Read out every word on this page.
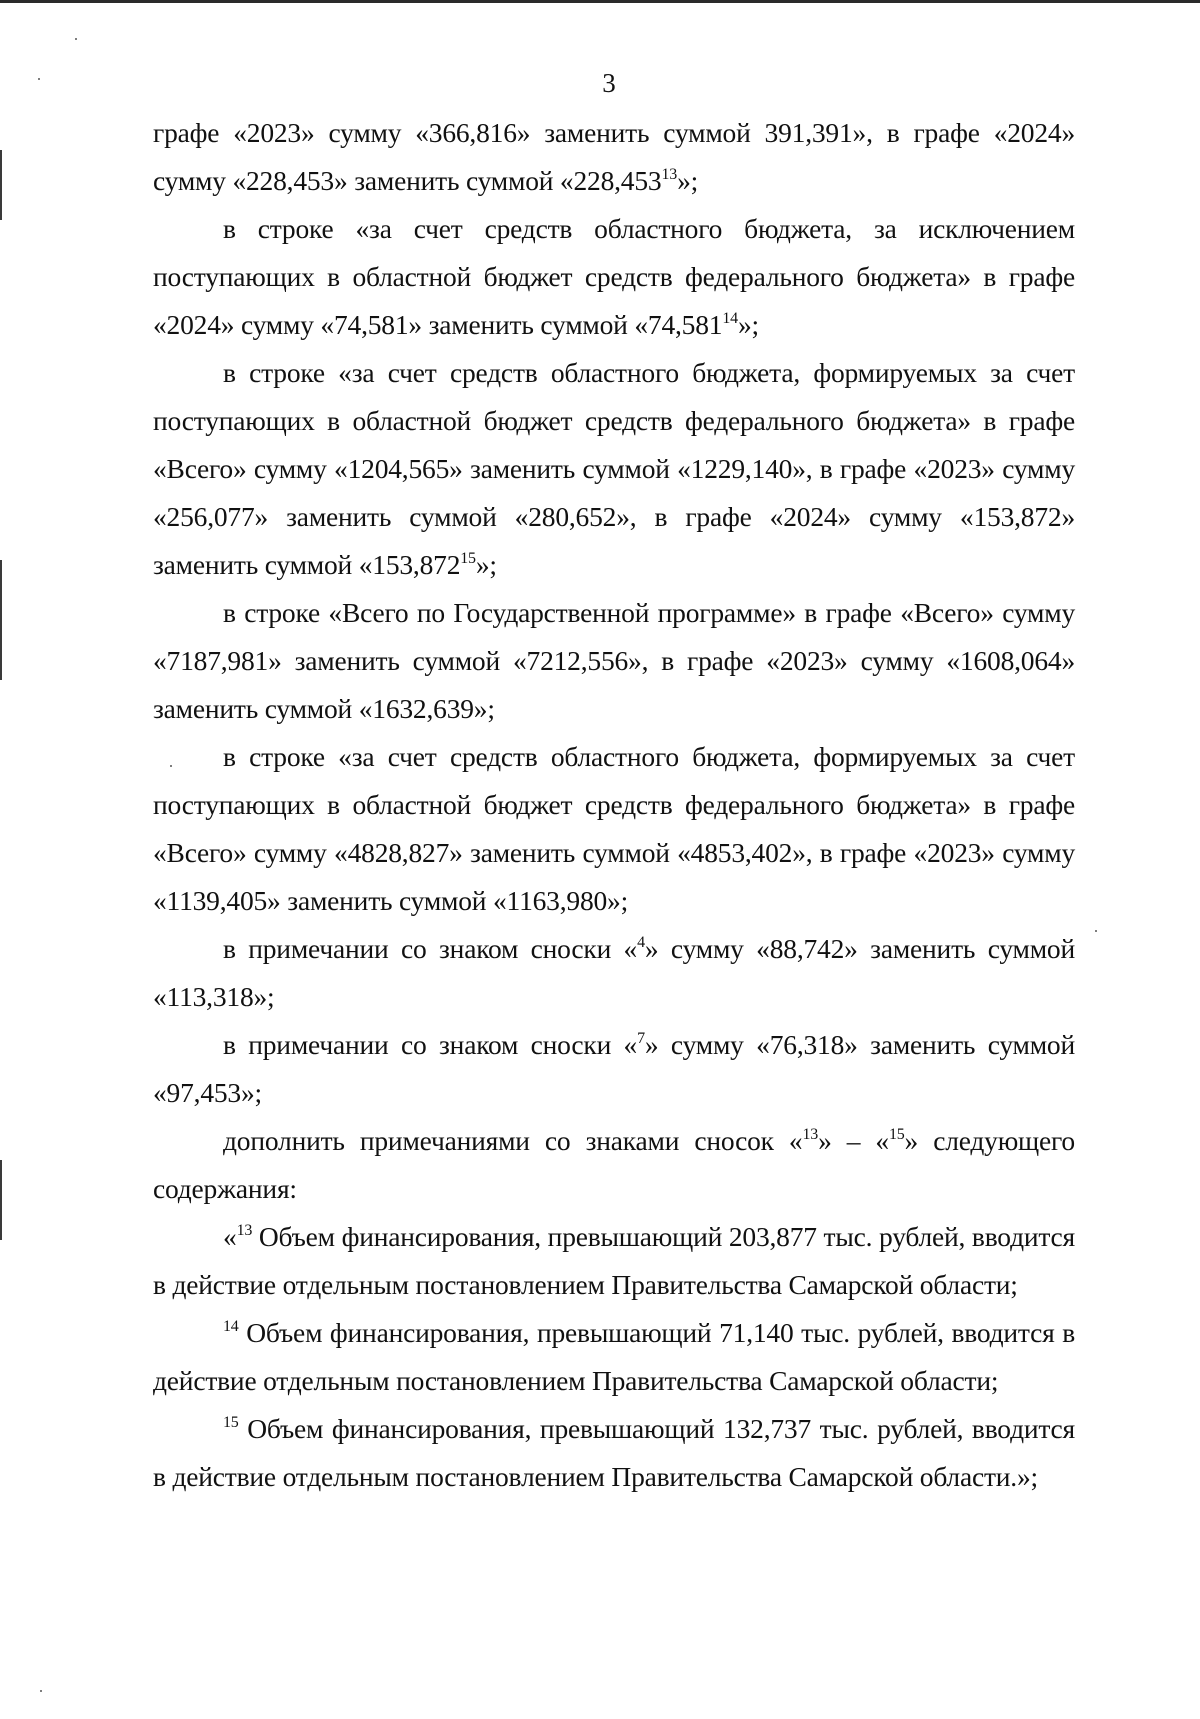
3

графе «2023» сумму «366,816» заменить суммой 391,391», в графе «2024» сумму «228,453» заменить суммой «228,453$^{13}$»;

в строке «за счет средств областного бюджета, за исключением поступающих в областной бюджет средств федерального бюджета» в графе «2024» сумму «74,581» заменить суммой «74,581$^{14}$»;

в строке «за счет средств областного бюджета, формируемых за счет поступающих в областной бюджет средств федерального бюджета» в графе «Всего» сумму «1204,565» заменить суммой «1229,140», в графе «2023» сумму «256,077» заменить суммой «280,652», в графе «2024» сумму «153,872» заменить суммой «153,872$^{15}$»;

в строке «Всего по Государственной программе» в графе «Всего» сумму «7187,981» заменить суммой «7212,556», в графе «2023» сумму «1608,064» заменить суммой «1632,639»;

в строке «за счет средств областного бюджета, формируемых за счет поступающих в областной бюджет средств федерального бюджета» в графе «Всего» сумму «4828,827» заменить суммой «4853,402», в графе «2023» сумму «1139,405» заменить суммой «1163,980»;

в примечании со знаком сноски «$^4$» сумму «88,742» заменить суммой «113,318»;

в примечании со знаком сноски «$^7$» сумму «76,318» заменить суммой «97,453»;

дополнить примечаниями со знаками сносок «$^{13}$» – «$^{15}$» следующего содержания:

«$^{13}$ Объем финансирования, превышающий 203,877 тыс. рублей, вводится в действие отдельным постановлением Правительства Самарской области;

$^{14}$ Объем финансирования, превышающий 71,140 тыс. рублей, вводится в действие отдельным постановлением Правительства Самарской области;

$^{15}$ Объем финансирования, превышающий 132,737 тыс. рублей, вводится в действие отдельным постановлением Правительства Самарской области.»;
